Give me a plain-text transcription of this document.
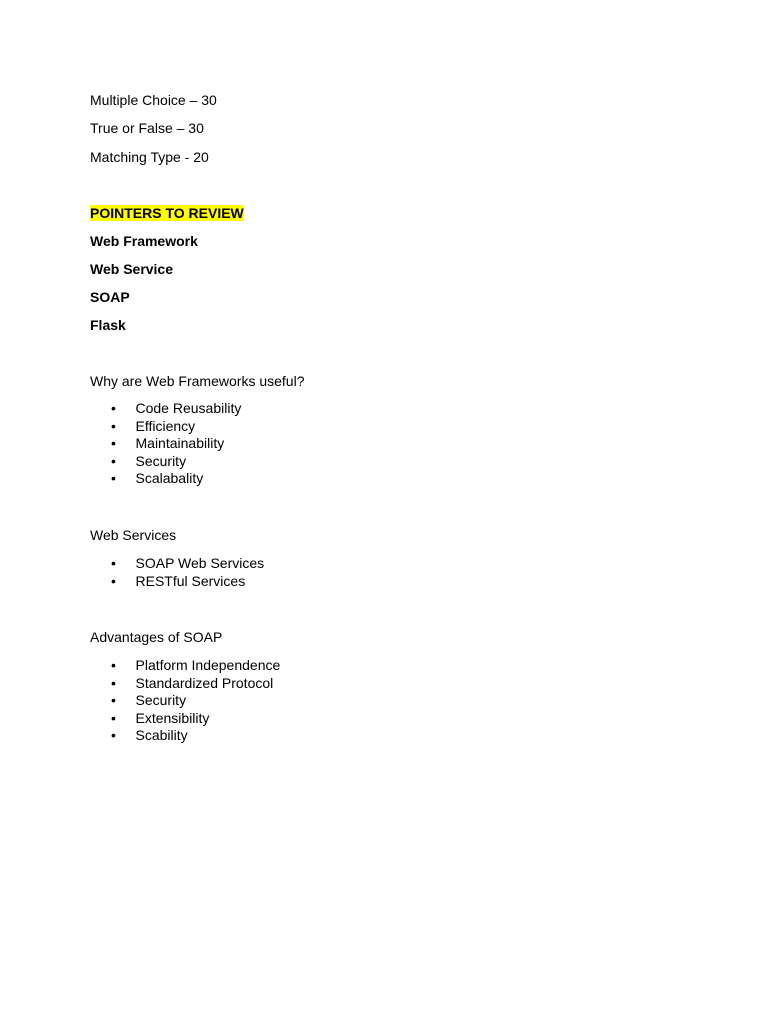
Multiple Choice – 30
True or False – 30
Matching Type - 20
POINTERS TO REVIEW
Web Framework
Web Service
SOAP
Flask
Why are Web Frameworks useful?
• Code Reusability
• Efficiency
• Maintainability
• Security
• Scalabality
Web Services
• SOAP Web Services
• RESTful Services
Advantages of SOAP
• Platform Independence
• Standardized Protocol
• Security
• Extensibility
• Scability
